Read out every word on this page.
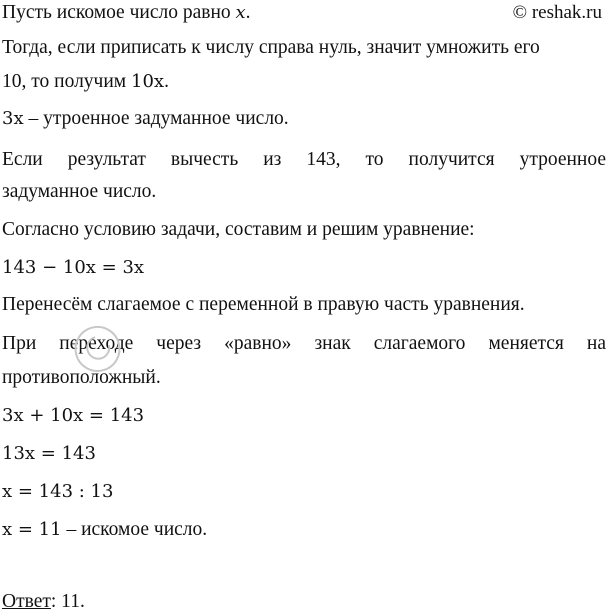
© reshak.ru
Пусть искомое число равно x.
Тогда, если приписать к числу справа нуль, значит умножить его
10, то получим 10x.
3x – утроенное задуманное число.
Если результат вычесть из 143, то получится утроенное
задуманное число.
Согласно условию задачи, составим и решим уравнение:
143 − 10x = 3x
Перенесём слагаемое с переменной в правую часть уравнения.
При переходе через «равно» знак слагаемого меняется на
противоположный.
3x + 10x = 143
13x = 143
x = 143 : 13
x = 11 – искомое число.
Ответ: 11.
